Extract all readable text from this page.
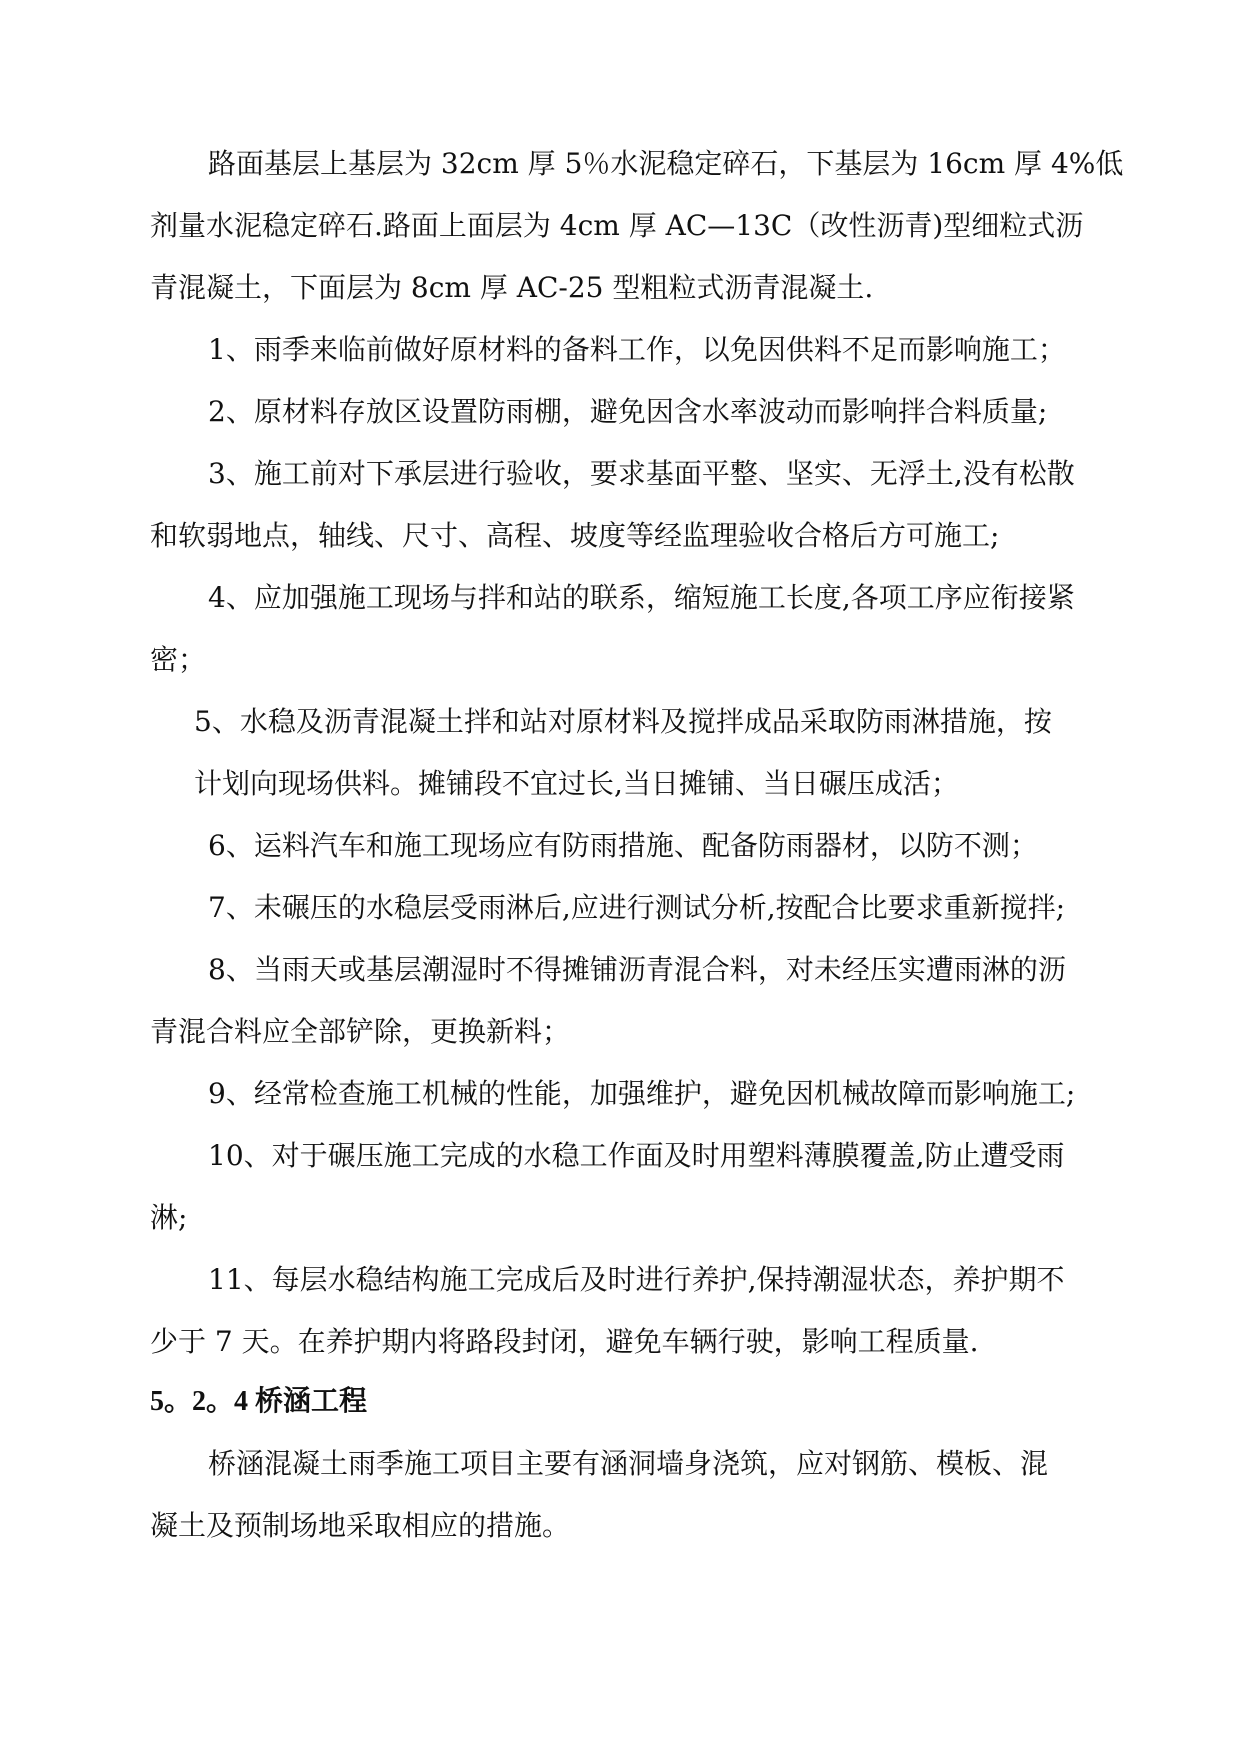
路面基层上基层为 32cm 厚 5％水泥稳定碎石，下基层为 16cm 厚 4%低
剂量水泥稳定碎石.路面上面层为 4cm 厚 AC—13C（改性沥青)型细粒式沥
青混凝土，下面层为 8cm 厚 AC-25 型粗粒式沥青混凝土.
1、雨季来临前做好原材料的备料工作，以免因供料不足而影响施工；
2、原材料存放区设置防雨棚，避免因含水率波动而影响拌合料质量;
3、施工前对下承层进行验收，要求基面平整、坚实、无浮土,没有松散
和软弱地点，轴线、尺寸、高程、坡度等经监理验收合格后方可施工;
4、应加强施工现场与拌和站的联系，缩短施工长度,各项工序应衔接紧
密；
5、水稳及沥青混凝土拌和站对原材料及搅拌成品采取防雨淋措施，按
计划向现场供料。摊铺段不宜过长,当日摊铺、当日碾压成活；
6、运料汽车和施工现场应有防雨措施、配备防雨器材，以防不测；
7、未碾压的水稳层受雨淋后,应进行测试分析,按配合比要求重新搅拌;
8、当雨天或基层潮湿时不得摊铺沥青混合料，对未经压实遭雨淋的沥
青混合料应全部铲除，更换新料；
9、经常检查施工机械的性能，加强维护，避免因机械故障而影响施工;
10、对于碾压施工完成的水稳工作面及时用塑料薄膜覆盖,防止遭受雨
淋;
11、每层水稳结构施工完成后及时进行养护,保持潮湿状态，养护期不
少于 7 天。在养护期内将路段封闭，避免车辆行驶，影响工程质量.
5。2。4 桥涵工程
桥涵混凝土雨季施工项目主要有涵洞墙身浇筑，应对钢筋、模板、混
凝土及预制场地采取相应的措施。
